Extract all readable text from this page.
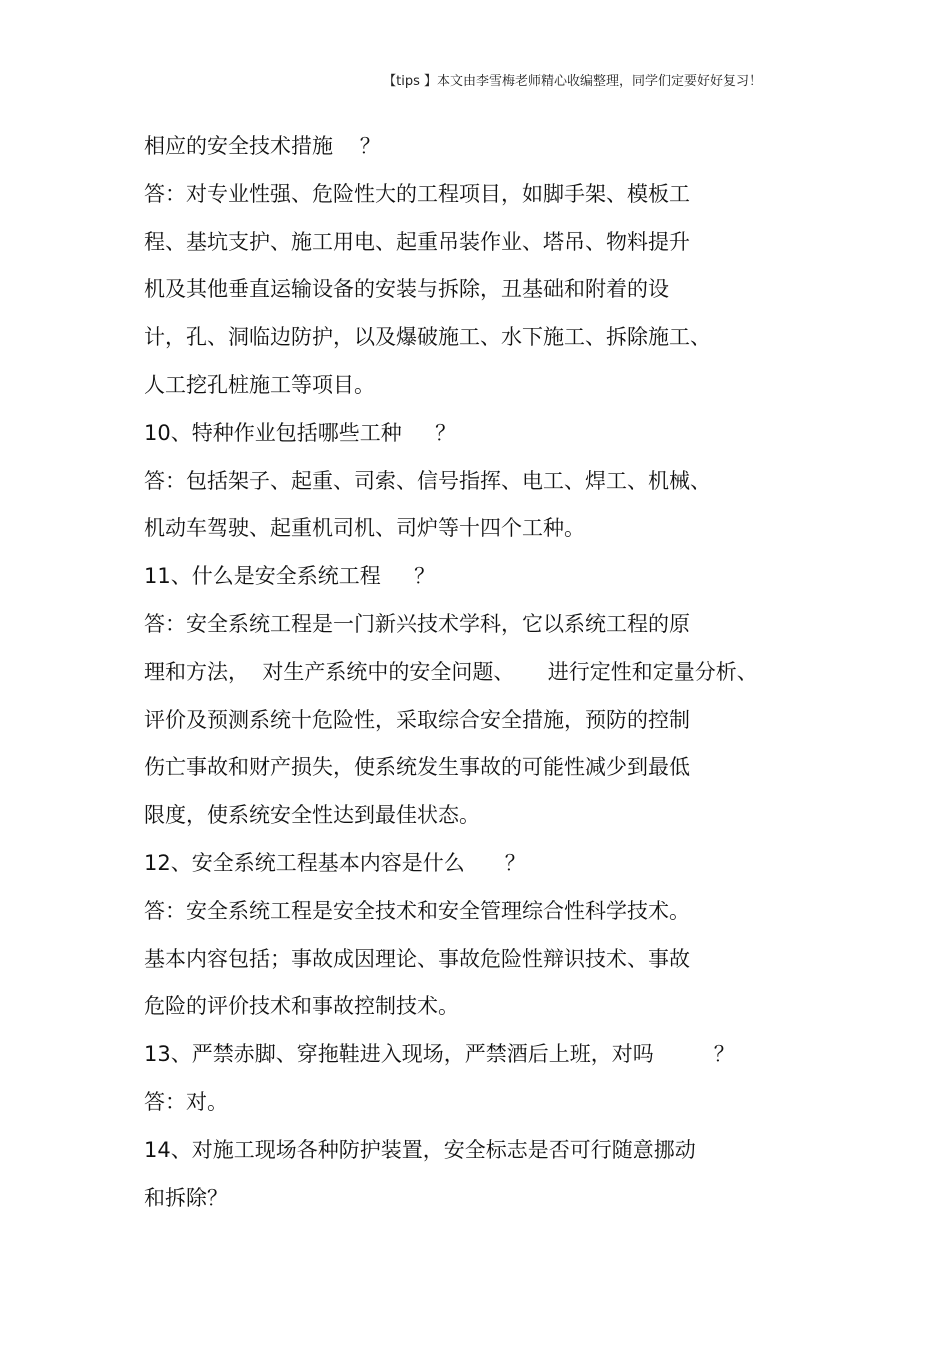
【tips 】本文由李雪梅老师精心收编整理，同学们定要好好复习！
相应的安全技术措施    ？
答：对专业性强、危险性大的工程项目，如脚手架、模板工
程、基坑支护、施工用电、起重吊装作业、塔吊、物料提升
机及其他垂直运输设备的安装与拆除，丑基础和附着的设
计，孔、洞临边防护，以及爆破施工、水下施工、拆除施工、
人工挖孔桩施工等项目。
10、特种作业包括哪些工种     ？
答：包括架子、起重、司索、信号指挥、电工、焊工、机械、
机动车驾驶、起重机司机、司炉等十四个工种。
11、什么是安全系统工程     ？
答：安全系统工程是一门新兴技术学科，它以系统工程的原
理和方法，  对生产系统中的安全问题、     进行定性和定量分析、
评价及预测系统十危险性，采取综合安全措施，预防的控制
伤亡事故和财产损失，使系统发生事故的可能性减少到最低
限度，使系统安全性达到最佳状态。
12、安全系统工程基本内容是什么      ？
答：安全系统工程是安全技术和安全管理综合性科学技术。
基本内容包括；事故成因理论、事故危险性辩识技术、事故
危险的评价技术和事故控制技术。
13、严禁赤脚、穿拖鞋进入现场，严禁酒后上班，对吗         ？
答：对。
14、对施工现场各种防护装置，安全标志是否可行随意挪动
和拆除？
